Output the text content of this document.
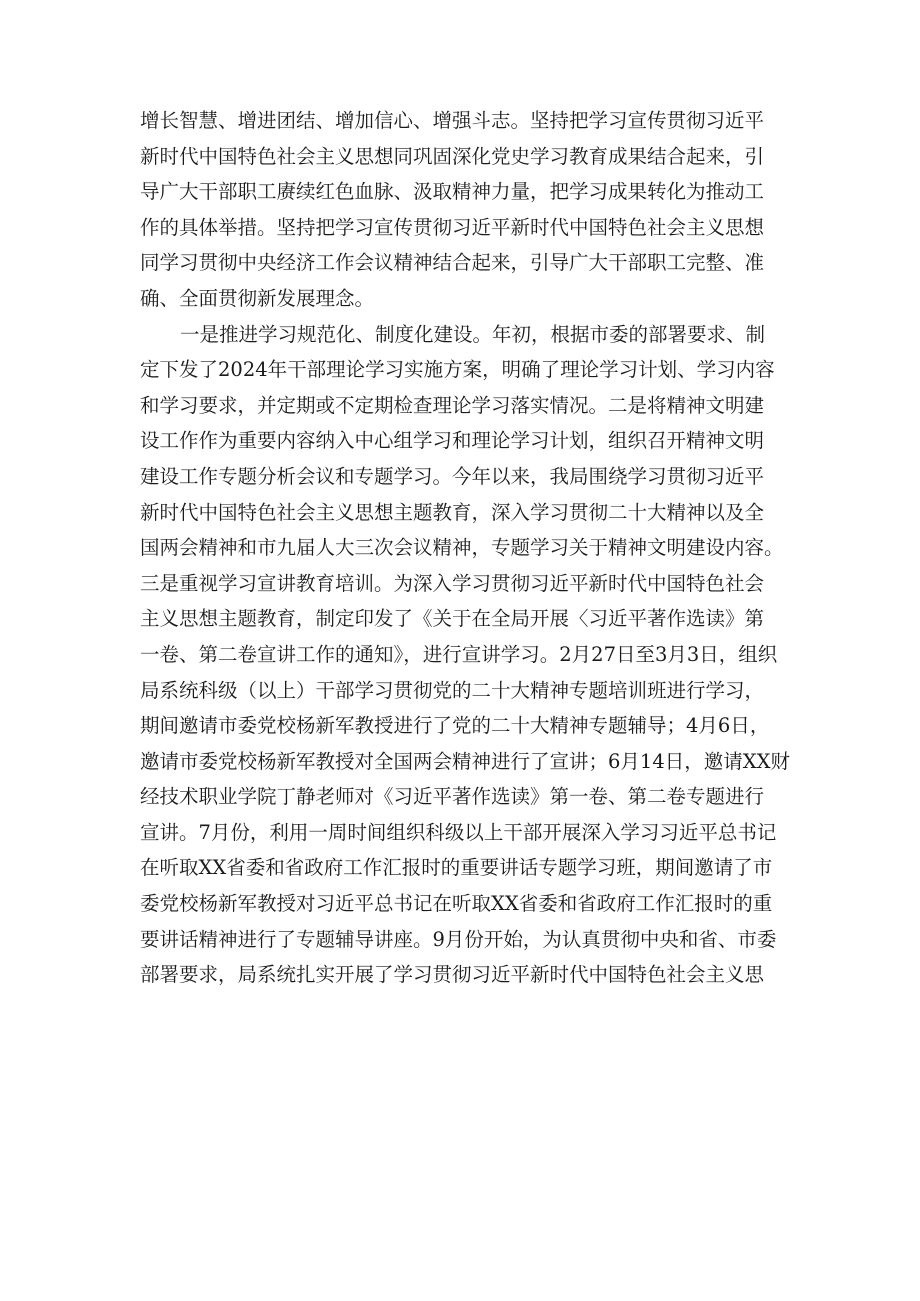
增长智慧、增进团结、增加信心、增强斗志。坚持把学习宣传贯彻习近平
新时代中国特色社会主义思想同巩固深化党史学习教育成果结合起来，引
导广大干部职工赓续红色血脉、汲取精神力量，把学习成果转化为推动工
作的具体举措。坚持把学习宣传贯彻习近平新时代中国特色社会主义思想
同学习贯彻中央经济工作会议精神结合起来，引导广大干部职工完整、准
确、全面贯彻新发展理念。
一是推进学习规范化、制度化建设。年初，根据市委的部署要求、制
定下发了2024年干部理论学习实施方案，明确了理论学习计划、学习内容
和学习要求，并定期或不定期检查理论学习落实情况。二是将精神文明建
设工作作为重要内容纳入中心组学习和理论学习计划，组织召开精神文明
建设工作专题分析会议和专题学习。今年以来，我局围绕学习贯彻习近平
新时代中国特色社会主义思想主题教育，深入学习贯彻二十大精神以及全
国两会精神和市九届人大三次会议精神，专题学习关于精神文明建设内容。
三是重视学习宣讲教育培训。为深入学习贯彻习近平新时代中国特色社会
主义思想主题教育，制定印发了《关于在全局开展〈习近平著作选读》第
一卷、第二卷宣讲工作的通知》，进行宣讲学习。2月27日至3月3日，组织
局系统科级（以上）干部学习贯彻党的二十大精神专题培训班进行学习，
期间邀请市委党校杨新军教授进行了党的二十大精神专题辅导；4月6日，
邀请市委党校杨新军教授对全国两会精神进行了宣讲；6月14日，邀请XX财
经技术职业学院丁静老师对《习近平著作选读》第一卷、第二卷专题进行
宣讲。7月份，利用一周时间组织科级以上干部开展深入学习习近平总书记
在听取XX省委和省政府工作汇报时的重要讲话专题学习班，期间邀请了市
委党校杨新军教授对习近平总书记在听取XX省委和省政府工作汇报时的重
要讲话精神进行了专题辅导讲座。9月份开始，为认真贯彻中央和省、市委
部署要求，局系统扎实开展了学习贯彻习近平新时代中国特色社会主义思
